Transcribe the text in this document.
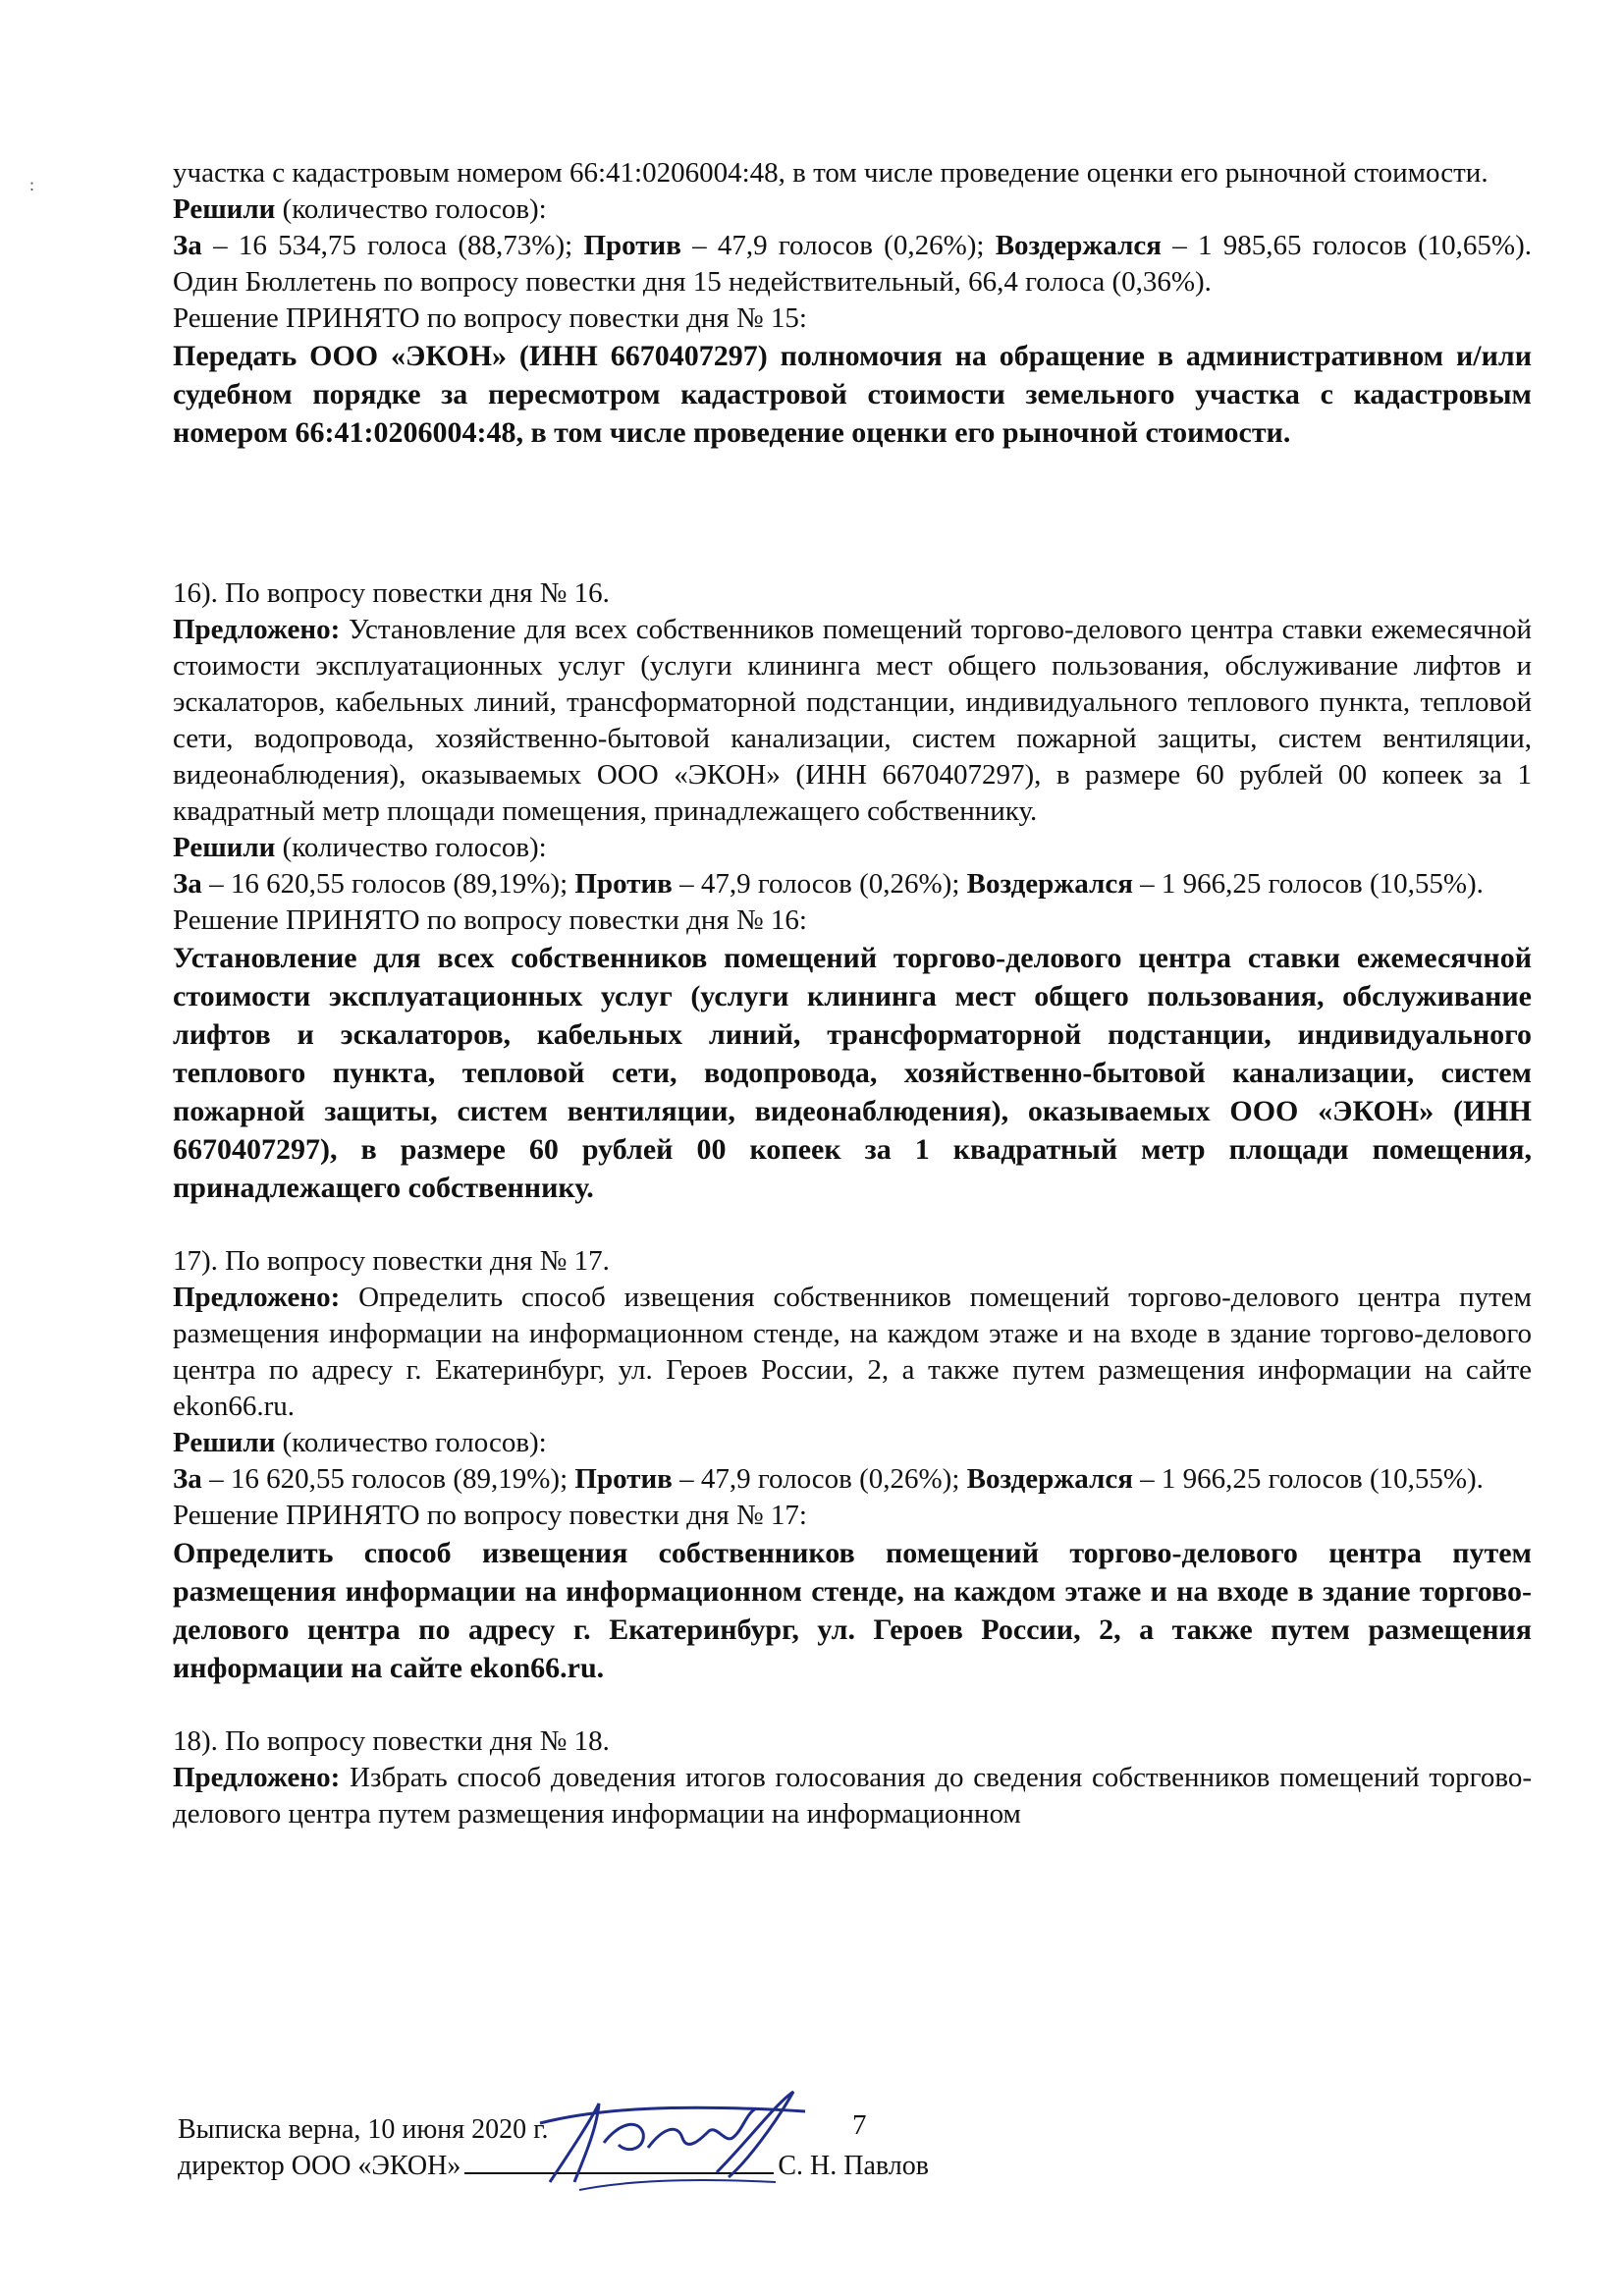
:	участка с кадастровым номером 66:41:0206004:48, в том числе проведение оценки его рыночной стоимости.

Решили (количество голосов):

За – 16 534,75 голоса (88,73%); Против – 47,9 голосов (0,26%); Воздержался – 1 985,65 голосов (10,65%). Один Бюллетень по вопросу повестки дня 15 недействительный, 66,4 голоса (0,36%).

Решение ПРИНЯТО по вопросу повестки дня № 15:

Передать ООО «ЭКОН» (ИНН 6670407297) полномочия на обращение в административном и/или судебном порядке за пересмотром кадастровой стоимости земельного участка с кадастровым номером 66:41:0206004:48, в том числе проведение оценки его рыночной стоимости.

16). По вопросу повестки дня № 16.

Предложено: Установление для всех собственников помещений торгово-делового центра ставки ежемесячной стоимости эксплуатационных услуг (услуги клининга мест общего пользования, обслуживание лифтов и эскалаторов, кабельных линий, трансформаторной подстанции, индивидуального теплового пункта, тепловой сети, водопровода, хозяйственно-бытовой канализации, систем пожарной защиты, систем вентиляции, видеонаблюдения), оказываемых ООО «ЭКОН» (ИНН 6670407297), в размере 60 рублей 00 копеек за 1 квадратный метр площади помещения, принадлежащего собственнику.

Решили (количество голосов):

За – 16 620,55 голосов (89,19%); Против – 47,9 голосов (0,26%); Воздержался – 1 966,25 голосов (10,55%).

Решение ПРИНЯТО по вопросу повестки дня № 16:

Установление для всех собственников помещений торгово-делового центра ставки ежемесячной стоимости эксплуатационных услуг (услуги клининга мест общего пользования, обслуживание лифтов и эскалаторов, кабельных линий, трансформаторной подстанции, индивидуального теплового пункта, тепловой сети, водопровода, хозяйственно-бытовой канализации, систем пожарной защиты, систем вентиляции, видеонаблюдения), оказываемых ООО «ЭКОН» (ИНН 6670407297), в размере 60 рублей 00 копеек за 1 квадратный метр площади помещения, принадлежащего собственнику.

17). По вопросу повестки дня № 17.

Предложено: Определить способ извещения собственников помещений торгово-делового центра путем размещения информации на информационном стенде, на каждом этаже и на входе в здание торгово-делового центра по адресу г. Екатеринбург, ул. Героев России, 2, а также путем размещения информации на сайте ekon66.ru.

Решили (количество голосов):

За – 16 620,55 голосов (89,19%); Против – 47,9 голосов (0,26%); Воздержался – 1 966,25 голосов (10,55%).

Решение ПРИНЯТО по вопросу повестки дня № 17:

Определить способ извещения собственников помещений торгово-делового центра путем размещения информации на информационном стенде, на каждом этаже и на входе в здание торгово-делового центра по адресу г. Екатеринбург, ул. Героев России, 2, а также путем размещения информации на сайте ekon66.ru.

18). По вопросу повестки дня № 18.

Предложено: Избрать способ доведения итогов голосования до сведения собственников помещений торгово-делового центра путем размещения информации на информационном

7
Выписка верна, 10 июня 2020 г.
директор ООО «ЭКОН»	С. Н. Павлов
